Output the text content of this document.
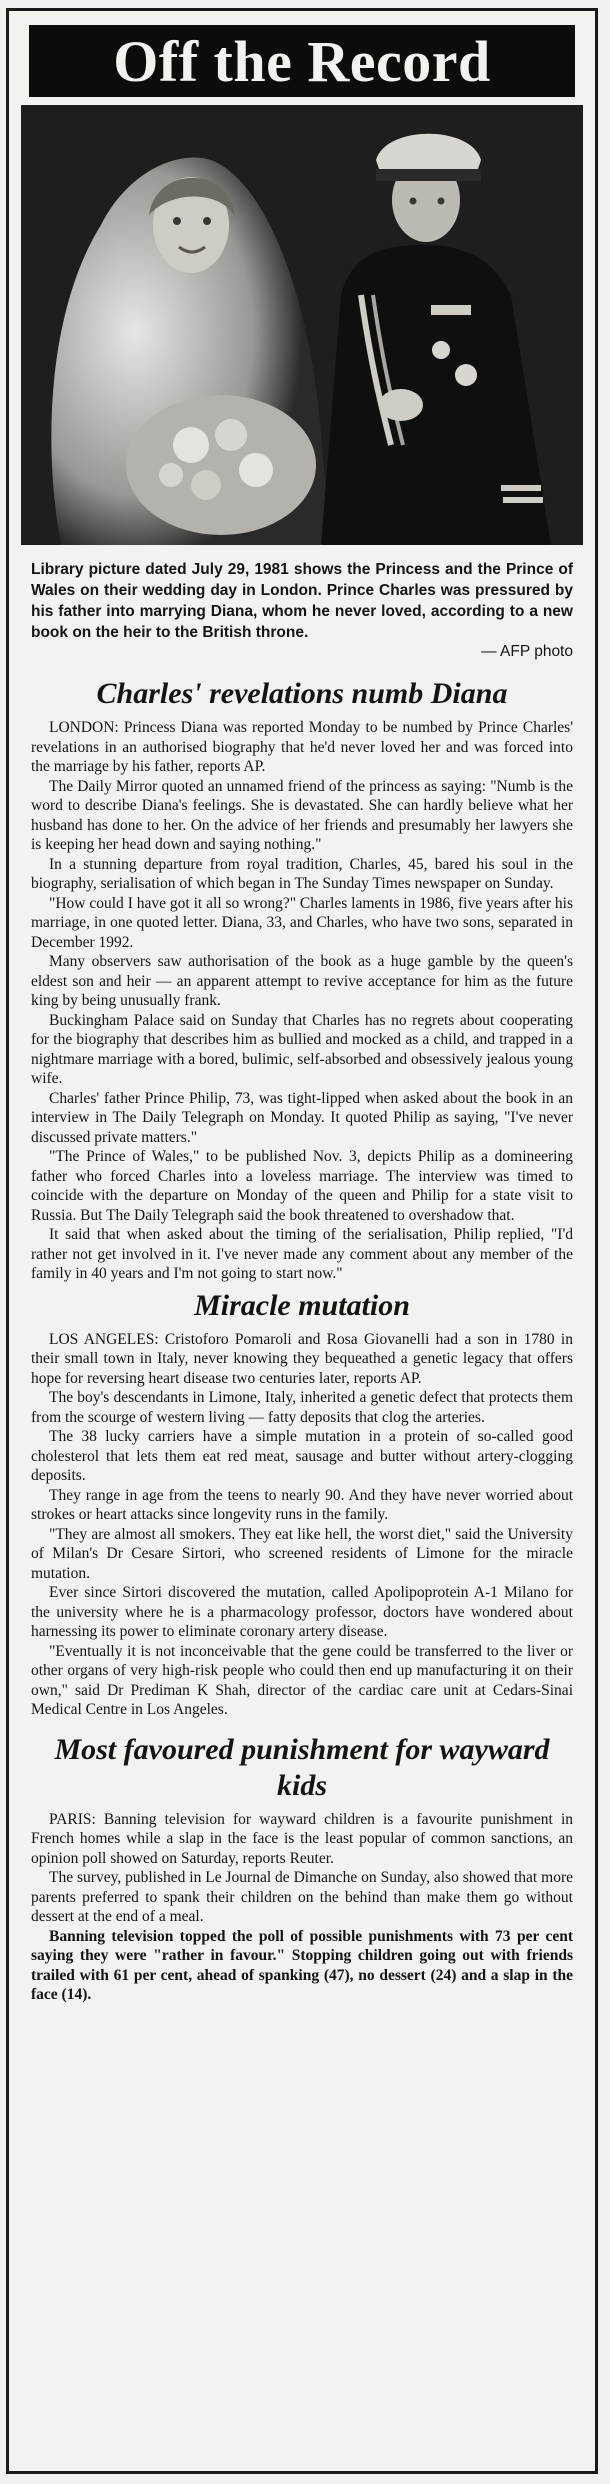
Off the Record
Library picture dated July 29, 1981 shows the Princess and the Prince of Wales on their wedding day in London. Prince Charles was pressured by his father into marrying Diana, whom he never loved, according to a new book on the heir to the British throne.
— AFP photo
Charles' revelations numb Diana

LONDON: Princess Diana was reported Monday to be numbed by Prince Charles' revelations in an authorised biography that he'd never loved her and was forced into the marriage by his father, reports AP.

The Daily Mirror quoted an unnamed friend of the princess as saying: "Numb is the word to describe Diana's feelings. She is devastated. She can hardly believe what her husband has done to her. On the advice of her friends and presumably her lawyers she is keeping her head down and saying nothing."

In a stunning departure from royal tradition, Charles, 45, bared his soul in the biography, serialisation of which began in The Sunday Times newspaper on Sunday.

"How could I have got it all so wrong?" Charles laments in 1986, five years after his marriage, in one quoted letter. Diana, 33, and Charles, who have two sons, separated in December 1992.

Many observers saw authorisation of the book as a huge gamble by the queen's eldest son and heir — an apparent attempt to revive acceptance for him as the future king by being unusually frank.

Buckingham Palace said on Sunday that Charles has no regrets about cooperating for the biography that describes him as bullied and mocked as a child, and trapped in a nightmare marriage with a bored, bulimic, self-absorbed and obsessively jealous young wife.

Charles' father Prince Philip, 73, was tight-lipped when asked about the book in an interview in The Daily Telegraph on Monday. It quoted Philip as saying, "I've never discussed private matters."

"The Prince of Wales," to be published Nov. 3, depicts Philip as a domineering father who forced Charles into a loveless marriage. The interview was timed to coincide with the departure on Monday of the queen and Philip for a state visit to Russia. But The Daily Telegraph said the book threatened to overshadow that.

It said that when asked about the timing of the serialisation, Philip replied, "I'd rather not get involved in it. I've never made any comment about any member of the family in 40 years and I'm not going to start now."

Miracle mutation

LOS ANGELES: Cristoforo Pomaroli and Rosa Giovanelli had a son in 1780 in their small town in Italy, never knowing they bequeathed a genetic legacy that offers hope for reversing heart disease two centuries later, reports AP.

The boy's descendants in Limone, Italy, inherited a genetic defect that protects them from the scourge of western living — fatty deposits that clog the arteries.

The 38 lucky carriers have a simple mutation in a protein of so-called good cholesterol that lets them eat red meat, sausage and butter without artery-clogging deposits.

They range in age from the teens to nearly 90. And they have never worried about strokes or heart attacks since longevity runs in the family.

"They are almost all smokers. They eat like hell, the worst diet," said the University of Milan's Dr Cesare Sirtori, who screened residents of Limone for the miracle mutation.

Ever since Sirtori discovered the mutation, called Apolipoprotein A-1 Milano for the university where he is a pharmacology professor, doctors have wondered about harnessing its power to eliminate coronary artery disease.

"Eventually it is not inconceivable that the gene could be transferred to the liver or other organs of very high-risk people who could then end up manufacturing it on their own," said Dr Prediman K Shah, director of the cardiac care unit at Cedars-Sinai Medical Centre in Los Angeles.

Most favoured punishment for wayward kids

PARIS: Banning television for wayward children is a favourite punishment in French homes while a slap in the face is the least popular of common sanctions, an opinion poll showed on Saturday, reports Reuter.

The survey, published in Le Journal de Dimanche on Sunday, also showed that more parents preferred to spank their children on the behind than make them go without dessert at the end of a meal.

Banning television topped the poll of possible punishments with 73 per cent saying they were "rather in favour." Stopping children going out with friends trailed with 61 per cent, ahead of spanking (47), no dessert (24) and a slap in the face (14).
